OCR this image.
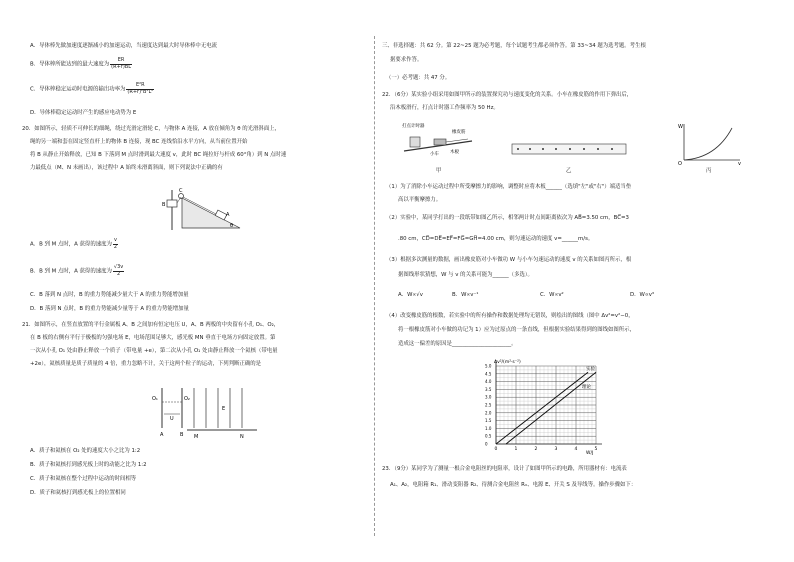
A．导体棒先做加速度逐渐减小的加速运动，当速度达到最大时导体棒中无电流
B．导体棒所能达到的最大速度为 $\frac{ER}{(R+r)BL}$
C．导体棒稳定运动时电源的输出功率为 $\frac{\text{E²R}}{\text{(R+r)²B²L²}}$
D．导体棒稳定运动时产生的感应电动势为 E
20．如图所示，轻质不可伸长的细绳，绕过光滑定滑轮 C，与物体 A 连接，A 放在倾角为 θ 的光滑斜面上，
绳的另一端和套在固定竖直杆上的物体 B 连接，现 BC 连线恰沿水平方向，从当前位置开始
将 B 从静止开始释放，已知 B 下落到 M 点时滑到最大速度 v，此时 BC 绳拉好与杆成 60°角）到 N 点时速
力最低点（M、N 未画出），该过程中 A 始终未滑离斜面，则下列说法中正确的有
B
C
A
θ
A．B 到 M 点时，A 获得的速度为 $\frac{v}{2}$
B．B 到 M 点时，A 获得的速度为 $\frac{√3v}{2}$
C．B 落到 N 点时，B 的重力势能减少量大于 A 的重力势能增加量
D．B 落到 N 点时，B 的重力势能减少量等于 A 的重力势能增加量
21．如图所示，在竖直放置的平行金属板 A、B 之间加有恒定电压 U，A、B 两板的中央留有小孔 O₁、O₂，
在 B 板的右侧有平行于极板的匀强电场 E，电场范围足够大，感光板 MN 垂直于电场方向固定放置。第
一次从小孔 O₁ 处由静止释放一个质子（带电量 +e），第二次从小孔 O₁ 处由静止释放一个氦核（带电量
+2e），氦核质量是质子质量的 4 倍，重力忽略不计，关于这两个粒子的运动，下列判断正确的是
O₁	O₂
U
E
A	B M	N
A．质子和氦核在 O₂ 处的速度大小之比为 1:2
B．质子和氦核打到感光板上时的动能之比为 1:2
C．质子和氦核在整个过程中运动的时间相等
D．质子和氦核打到感光板上的位置相同
三、非选择题：共 62 分。第 22~25 题为必考题，每个试题考生都必须作答。第 33~34 题为选考题。考生根
据要求作答。
（一）必考题：共 47 分。
22．（6分）某实验小组采用如图甲所示的装置探究功与速度变化的关系。小车在橡皮筋的作用下弹出后，
沿木板滑行，打点计时器工作频率为 50 Hz。
打点计时器
橡皮筋
小车 木板
甲	乙
W
O	v
丙
（1）为了消除小车运动过程中所受摩擦力的影响，调整时应将木板______（选填"左"或"右"）端适当垫
高以平衡摩擦力。
（2）实验中，某同学打出的一段纸带如图乙所示，相邻两计时点间距离依次为 AB̅=3.50 cm，BC̅=3
.80 cm，CD̅=DE̅=EF̅=FG̅=GH̅=4.00 cm，则匀速运动的速度 v=______m/s。
（3）根据多次测量的数据，画出橡皮筋对小车做功 W 与小车匀速运动的速度 v 的关系如图丙所示，根
据图线形状猜想，W 与 v 的关系可能为______（多选）。
A．W∝√v	B．W∝v⁻¹	C．W∝v²	D．W∝v³
（4）改变橡皮筋的根数，若实验中的所有操作和数据处理均无错误，则绘出的图线（图中 Δv²=v²−0，
将一根橡皮筋对小车做的功记为 1）应为过原点的一条直线，但根据实验结果得到的图线如图所示，
造成这一偏差的原因是______________________。
Δv²/(m²·s⁻²)
W/J
0	1	2	3	4	5
0
0.5
1.0
1.5
2.0
2.5
3.0
3.5
4.0
4.5
5.0
实验
理论
23．（9分）某同学为了测量一根合金电阻丝的电阻率，设计了如图甲所示的电路，所用器材有：电流表
A₁、A₂，电阻箱 R₁、滑动变阻器 R₂、待测合金电阻丝 Rₓ、电源 E、开关 S 及导线等。操作步骤如下：
